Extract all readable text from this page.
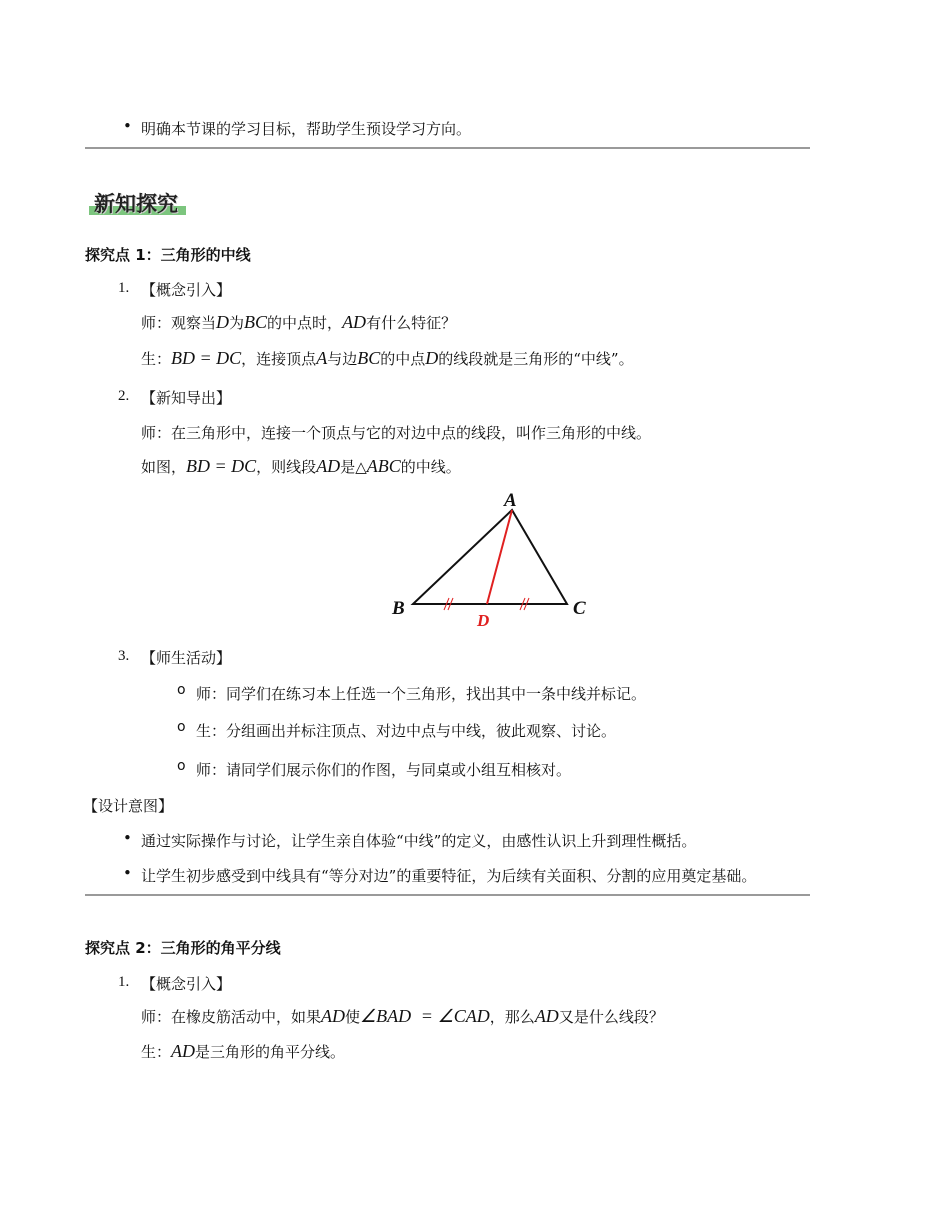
• 明确本节课的学习目标，帮助学生预设学习方向。
新知探究
探究点 1：三角形的中线
1. 【概念引入】
师：观察当D为BC的中点时，AD有什么特征？
生：BD = DC，连接顶点A与边BC的中点D的线段就是三角形的“中线”。
2. 【新知导出】
师：在三角形中，连接一个顶点与它的对边中点的线段，叫作三角形的中线。
如图，BD = DC，则线段AD是△ABC的中线。
A
B	C
D
3. 【师生活动】
o 师：同学们在练习本上任选一个三角形，找出其中一条中线并标记。
o 生：分组画出并标注顶点、对边中点与中线，彼此观察、讨论。
o 师：请同学们展示你们的作图，与同桌或小组互相核对。
【设计意图】
• 通过实际操作与讨论，让学生亲自体验“中线”的定义，由感性认识上升到理性概括。
• 让学生初步感受到中线具有“等分对边”的重要特征，为后续有关面积、分割的应用奠定基础。
探究点 2：三角形的角平分线
1. 【概念引入】
师：在橡皮筋活动中，如果AD使∠BAD = ∠CAD，那么AD又是什么线段？
生：AD是三角形的角平分线。
